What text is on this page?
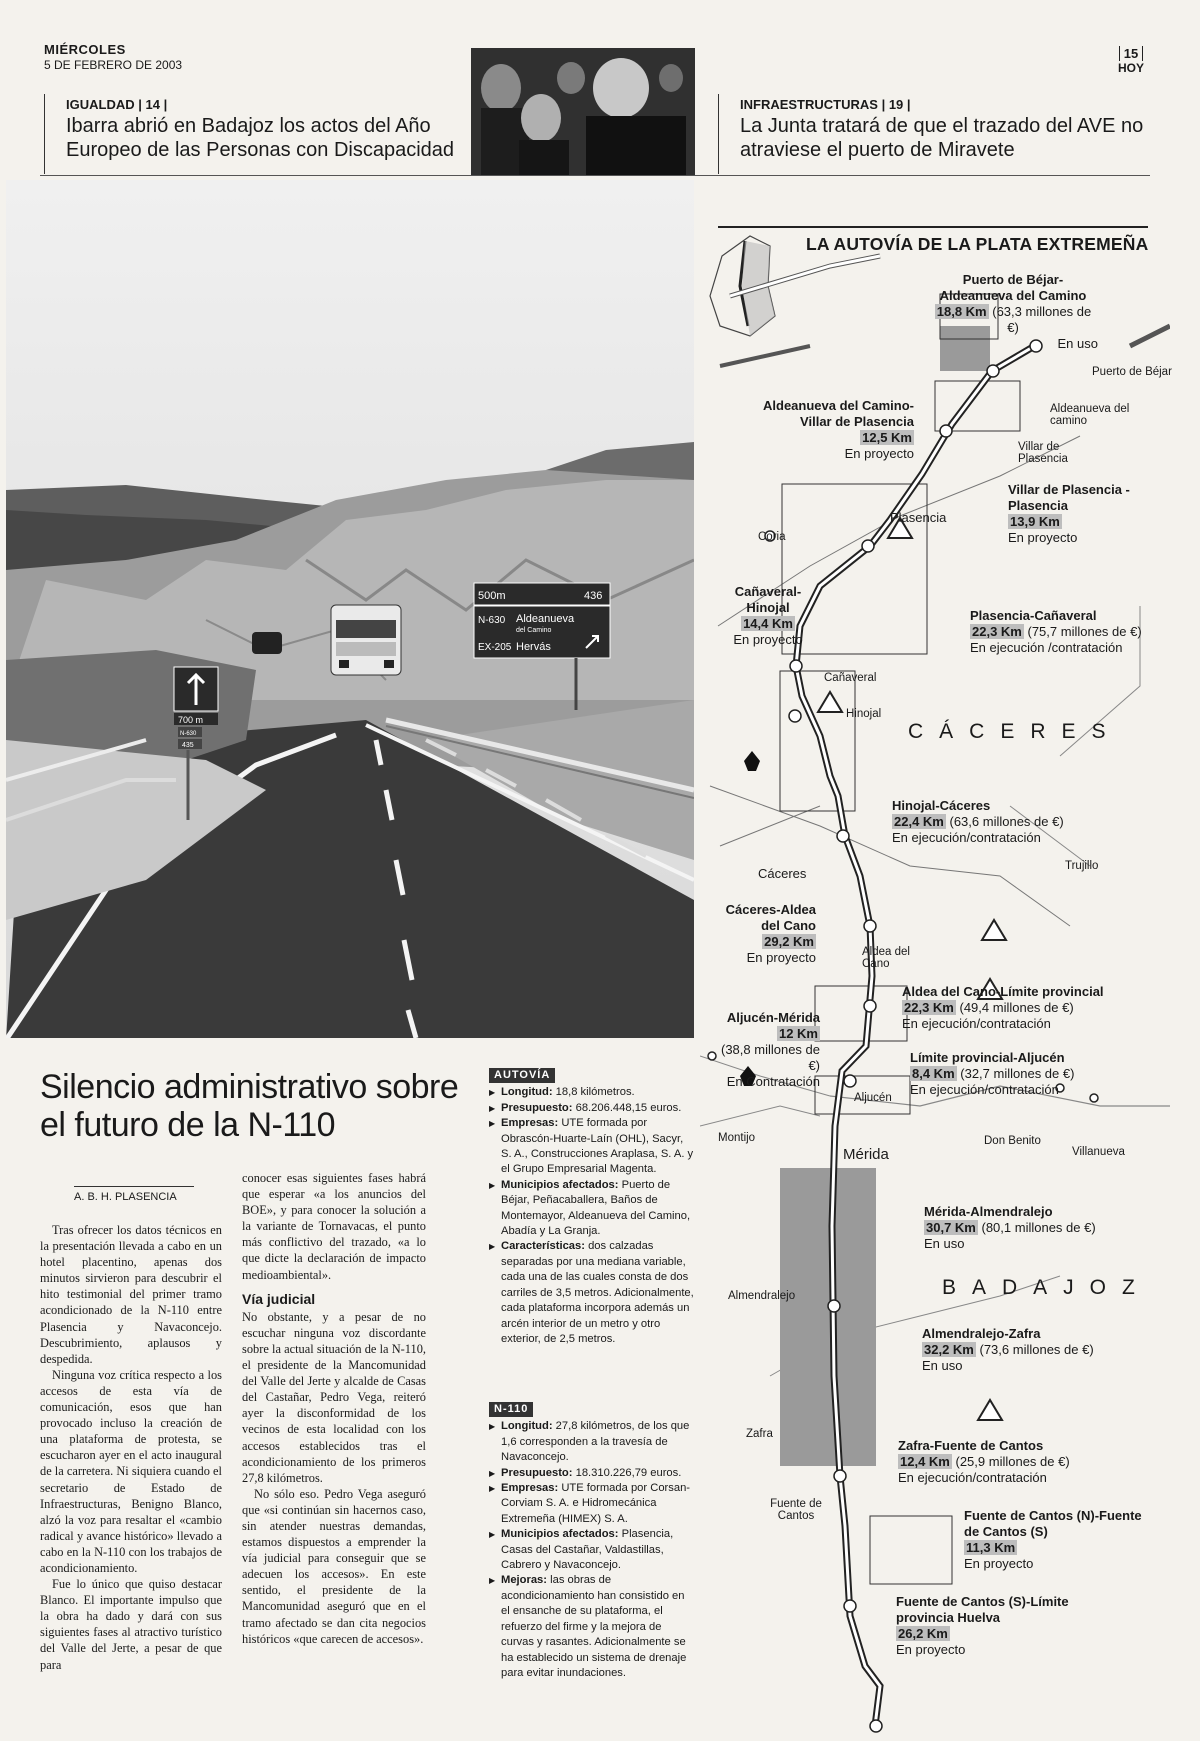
MIÉRCOLES
5 DE FEBRERO DE 2003
15
HOY
IGUALDAD | 14 |
Ibarra abrió en Badajoz los actos del Año Europeo de las Personas con Discapacidad
INFRAESTRUCTURAS | 19 |
La Junta tratará de que el trazado del AVE no atraviese el puerto de Miravete
500m	436
N-630 Aldeanueva
del Camino
EX-205 Hervás
700 m
N-630
435
Silencio administrativo sobre el futuro de la N-110
A. B. H. PLASENCIA

Tras ofrecer los datos técnicos en la presentación llevada a cabo en un hotel placentino, apenas dos minutos sirvieron para descubrir el hito testimonial del primer tramo acondicionado de la N-110 entre Plasencia y Navaconcejo. Descubrimiento, aplausos y despedida.

Ninguna voz crítica respecto a los accesos de esta vía de comunicación, esos que han provocado incluso la creación de una plataforma de protesta, se escucharon ayer en el acto inaugural de la carretera. Ni siquiera cuando el secretario de Estado de Infraestructuras, Benigno Blanco, alzó la voz para resaltar el «cambio radical y avance histórico» llevado a cabo en la N-110 con los trabajos de acondicionamiento.

Fue lo único que quiso destacar Blanco. El importante impulso que la obra ha dado y dará con sus siguientes fases al atractivo turístico del Valle del Jerte, a pesar de que para

conocer esas siguientes fases habrá que esperar «a los anuncios del BOE», y para conocer la solución a la variante de Tornavacas, el punto más conflictivo del trazado, «a lo que dicte la declaración de impacto medioambiental».

Vía judicial

No obstante, y a pesar de no escuchar ninguna voz discordante sobre la actual situación de la N-110, el presidente de la Mancomunidad del Valle del Jerte y alcalde de Casas del Castañar, Pedro Vega, reiteró ayer la disconformidad de los vecinos de esta localidad con los accesos establecidos tras el acondicionamiento de los primeros 27,8 kilómetros.

No sólo eso. Pedro Vega aseguró que «si continúan sin hacernos caso, sin atender nuestras demandas, estamos dispuestos a emprender la vía judicial para conseguir que se adecuen los accesos». En este sentido, el presidente de la Mancomunidad aseguró que en el tramo afectado se dan cita negocios históricos «que carecen de accesos».

AUTOVÍA
▶ Longitud: 18,8 kilómetros.
▶ Presupuesto: 68.206.448,15 euros.
▶ Empresas: UTE formada por Obrascón-Huarte-Laín (OHL), Sacyr, S. A., Construcciones Araplasa, S. A. y el Grupo Empresarial Magenta.
▶ Municipios afectados: Puerto de Béjar, Peñacaballera, Baños de Montemayor, Aldeanueva del Camino, Abadía y La Granja.
▶ Características: dos calzadas separadas por una mediana variable, cada una de las cuales consta de dos carriles de 3,5 metros. Adicionalmente, cada plataforma incorpora además un arcén interior de un metro y otro exterior, de 2,5 metros.
N-110
▶ Longitud: 27,8 kilómetros, de los que 1,6 corresponden a la travesía de Navaconcejo.
▶ Presupuesto: 18.310.226,79 euros.
▶ Empresas: UTE formada por Corsan-Corviam S. A. e Hidromecánica Extremeña (HIMEX) S. A.
▶ Municipios afectados: Plasencia, Casas del Castañar, Valdastillas, Cabrero y Navaconcejo.
▶ Mejoras: las obras de acondicionamiento han consistido en el ensanche de su plataforma, el refuerzo del firme y la mejora de curvas y rasantes. Adicionalmente se ha establecido un sistema de drenaje para evitar inundaciones.
LA AUTOVÍA DE LA PLATA EXTREMEÑA
Puerto de Béjar
Aldeanueva del camino
Villar de Plasencia
Plasencia
Coria
Cañaveral
Hinojal
Cáceres	Trujillo
Aldea del Cano
Aljucén
Mérida
Montijo	Don Benito
Villanueva
Almendralejo
Zafra
Fuente de Cantos
CÁCERES
BADAJOZ
Puerto de Béjar-Aldeanueva del Camino
18,8 Km (63,3 millones de €)
En uso
Aldeanueva del Camino-Villar de Plasencia
12,5 Km
En proyecto
Villar de Plasencia -Plasencia
13,9 Km
En proyecto
Cañaveral-Hinojal
14,4 Km
En proyecto
Plasencia-Cañaveral
22,3 Km (75,7 millones de €)
En ejecución /contratación
Hinojal-Cáceres
22,4 Km (63,6 millones de €)
En ejecución/contratación
Cáceres-Aldea del Cano
29,2 Km
En proyecto
Aldea del Cano-Límite provincial
22,3 Km (49,4 millones de €)
En ejecución/contratación
Aljucén-Mérida
12 Km
(38,8 millones de €)
En Contratación
Límite provincial-Aljucén
8,4 Km (32,7 millones de €)
En ejecución/contratación
Mérida-Almendralejo
30,7 Km (80,1 millones de €)
En uso
Almendralejo-Zafra
32,2 Km (73,6 millones de €)
En uso
Zafra-Fuente de Cantos
12,4 Km (25,9 millones de €)
En ejecución/contratación
Fuente de Cantos (N)-Fuente de Cantos (S)
11,3 Km
En proyecto
Fuente de Cantos (S)-Límite provincia Huelva
26,2 Km
En proyecto
